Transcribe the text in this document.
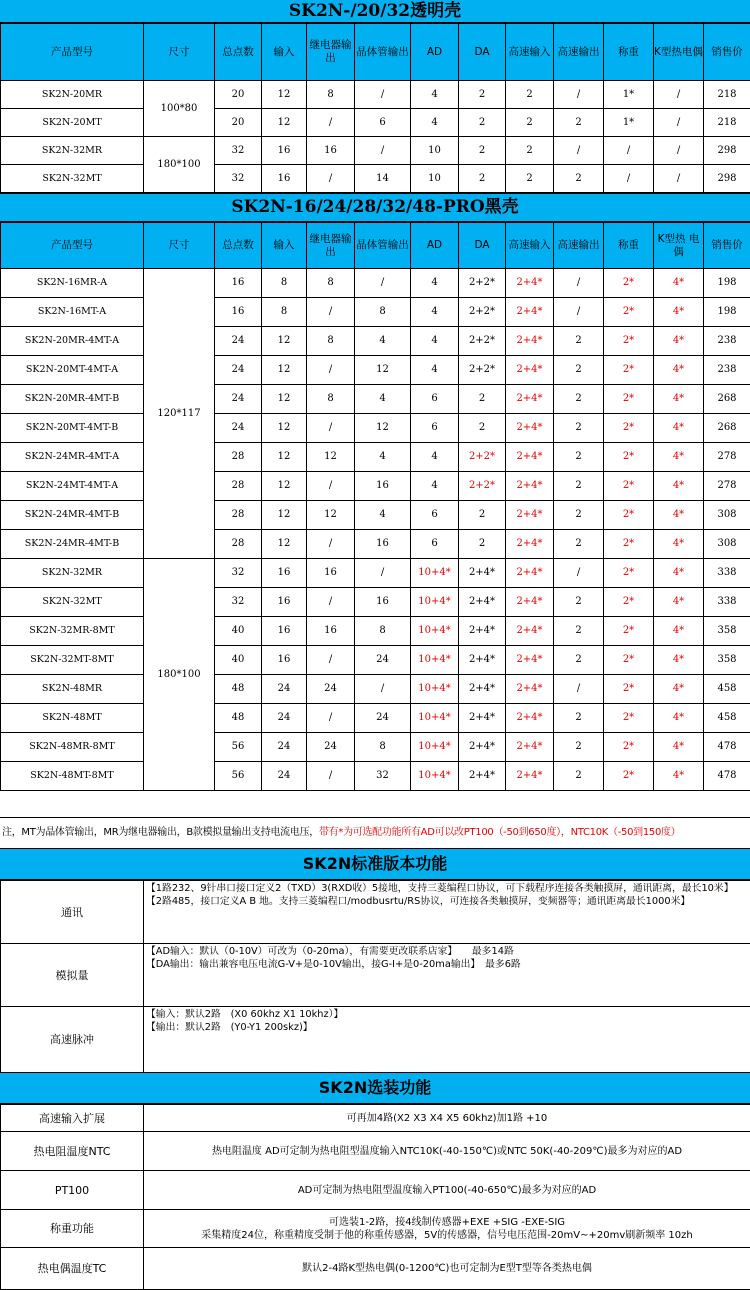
SK2N-/20/32透明壳
产品型号	尺寸	总点数	输入	继电器输出	晶体管输出	AD	DA	高速输入	高速输出	称重	K型热电偶	销售价
SK2N-20MR	100*80	20	12	8	/	4	2	2	/	1*	/	218
SK2N-20MT		20	12	/	6	4	2	2	2	1*	/	218
SK2N-32MR	180*100	32	16	16	/	10	2	2	/	/	/	298
SK2N-32MT		32	16	/	14	10	2	2	2	/	/	298
SK2N-16/24/28/32/48-PRO黑壳
产品型号	尺寸	总点数	输入	继电器输出	晶体管输出	AD	DA	高速输入	高速输出	称重	K型热 电偶	销售价
SK2N-16MR-A	120*117	16	8	8	/	4	2+2*	2+4*	/	2*	4*	198
SK2N-16MT-A		16	8	/	8	4	2+2*	2+4*	/	2*	4*	198
SK2N-20MR-4MT-A		24	12	8	4	4	2+2*	2+4*	2	2*	4*	238
SK2N-20MT-4MT-A		24	12	/	12	4	2+2*	2+4*	2	2*	4*	238
SK2N-20MR-4MT-B		24	12	8	4	6	2	2+4*	2	2*	4*	268
SK2N-20MT-4MT-B		24	12	/	12	6	2	2+4*	2	2*	4*	268
SK2N-24MR-4MT-A		28	12	12	4	4	2+2*	2+4*	2	2*	4*	278
SK2N-24MT-4MT-A		28	12	/	16	4	2+2*	2+4*	2	2*	4*	278
SK2N-24MR-4MT-B		28	12	12	4	6	2	2+4*	2	2*	4*	308
SK2N-24MR-4MT-B		28	12	/	16	6	2	2+4*	2	2*	4*	308
SK2N-32MR	180*100	32	16	16	/	10+4*	2+4*	2+4*	/	2*	4*	338
SK2N-32MT		32	16	/	16	10+4*	2+4*	2+4*	2	2*	4*	338
SK2N-32MR-8MT		40	16	16	8	10+4*	2+4*	2+4*	2	2*	4*	358
SK2N-32MT-8MT		40	16	/	24	10+4*	2+4*	2+4*	2	2*	4*	358
SK2N-48MR		48	24	24	/	10+4*	2+4*	2+4*	/	2*	4*	458
SK2N-48MT		48	24	/	24	10+4*	2+4*	2+4*	2	2*	4*	458
SK2N-48MR-8MT		56	24	24	8	10+4*	2+4*	2+4*	2	2*	4*	478
SK2N-48MT-8MT		56	24	/	32	10+4*	2+4*	2+4*	2	2*	4*	478
注，MT为晶体管输出，MR为继电器输出，B款模拟量输出支持电流电压，带有*为可选配功能所有AD可以改PT100（-50到650度），NTC10K（-50到150度）
SK2N标准版本功能
通讯	【1路232、9针串口接口定义2（TXD）3(RXD收）5接地，支持三菱编程口协议，可下载程序连接各类触摸屏，通讯距离，最长10米】
【2路485，接口定义A B 地。支持三菱编程口/modbusrtu/RS协议，可连接各类触摸屏，变频器等；通讯距离最长1000米】

模拟量	【AD输入：默认（0-10V）可改为（0-20ma），有需要更改联系店家】　　最多14路
【DA输出：输出兼容电压电流G-V+是0-10V输出，接G-I+是0-20ma输出】　最多6路

高速脉冲	【输入：默认2路　(X0 60khz X1 10khz）】
【输出：默认2路　(Y0-Y1 200skz)】
SK2N选装功能
高速输入扩展	可再加4路(X2 X3 X4 X5 60khz)加1路 +10
热电阻温度NTC	热电阻温度 AD可定制为热电阻型温度输入NTC10K(-40-150℃)或NTC 50K(-40-209℃)最多为对应的AD
PT100	AD可定制为热电阻型温度输入PT100(-40-650℃)最多为对应的AD
称重功能	可选装1-2路，接4线制传感器+EXE +SIG -EXE-SIG
采集精度24位，称重精度受制于他的称重传感器，5V的传感器，信号电压范围-20mV~+20mv刷新频率 10zh

热电偶温度TC	默认2-4路K型热电偶(0-1200℃)也可定制为E型T型等各类热电偶
